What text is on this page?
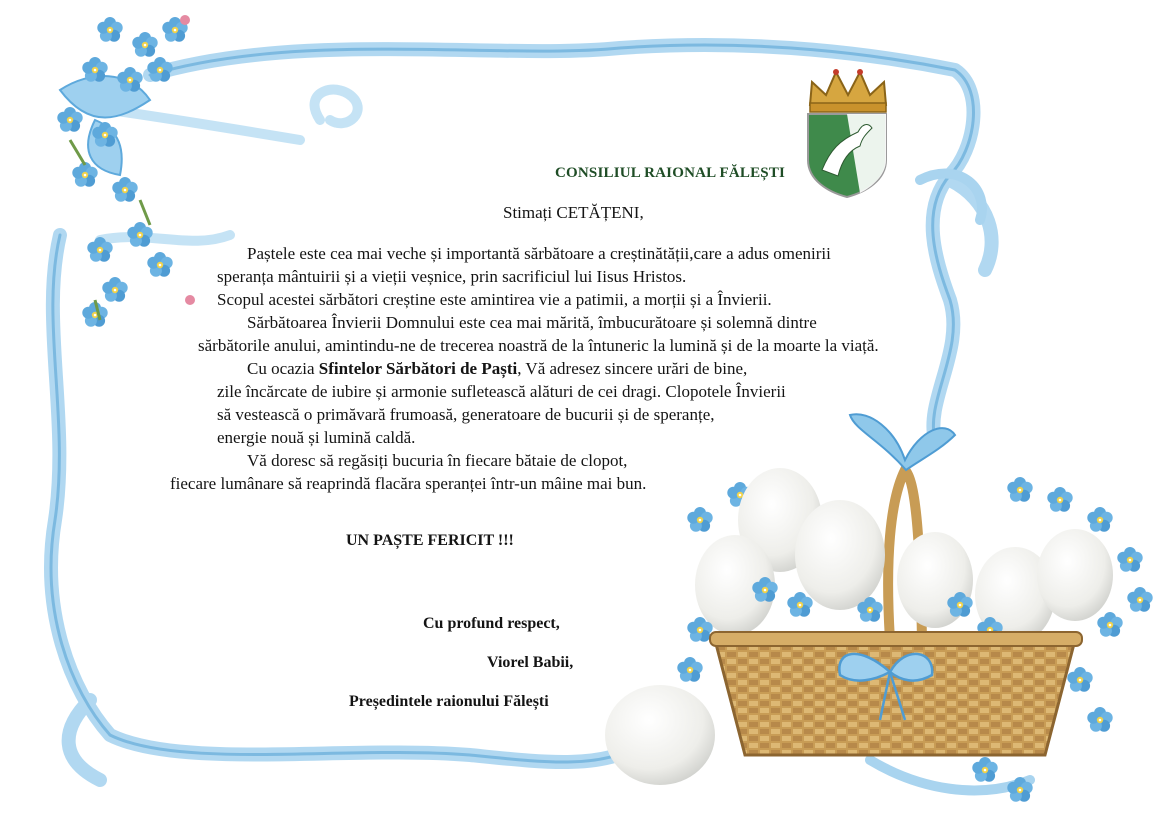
CONSILIUL RAIONAL FĂLEȘTI
Stimați CETĂȚENI,
Paștele este cea mai veche și importantă sărbătoare a creștinătății,care a adus omenirii
speranța mântuirii și a vieții veșnice, prin sacrificiul lui Iisus Hristos.
Scopul acestei sărbători creștine este amintirea vie a patimii, a morții și a Învierii.
Sărbătoarea Învierii Domnului este cea mai mărită, îmbucurătoare și solemnă dintre
sărbătorile anului, amintindu-ne de trecerea noastră de la întuneric la lumină și de la moarte la viață.
Cu ocazia Sfintelor Sărbători de Paști, Vă adresez sincere urări de bine,
zile încărcate de iubire și armonie sufletească alături de cei dragi. Clopotele Învierii
să vestească o primăvară frumoasă, generatoare de bucurii și de speranțe,
energie nouă și lumină caldă.
Vă doresc să regăsiți bucuria în fiecare bătaie de clopot,
fiecare lumânare să reaprindă flacăra speranței într-un mâine mai bun.
UN PAȘTE FERICIT !!!
Cu profund respect,
Viorel Babii,
Președintele raionului Fălești
